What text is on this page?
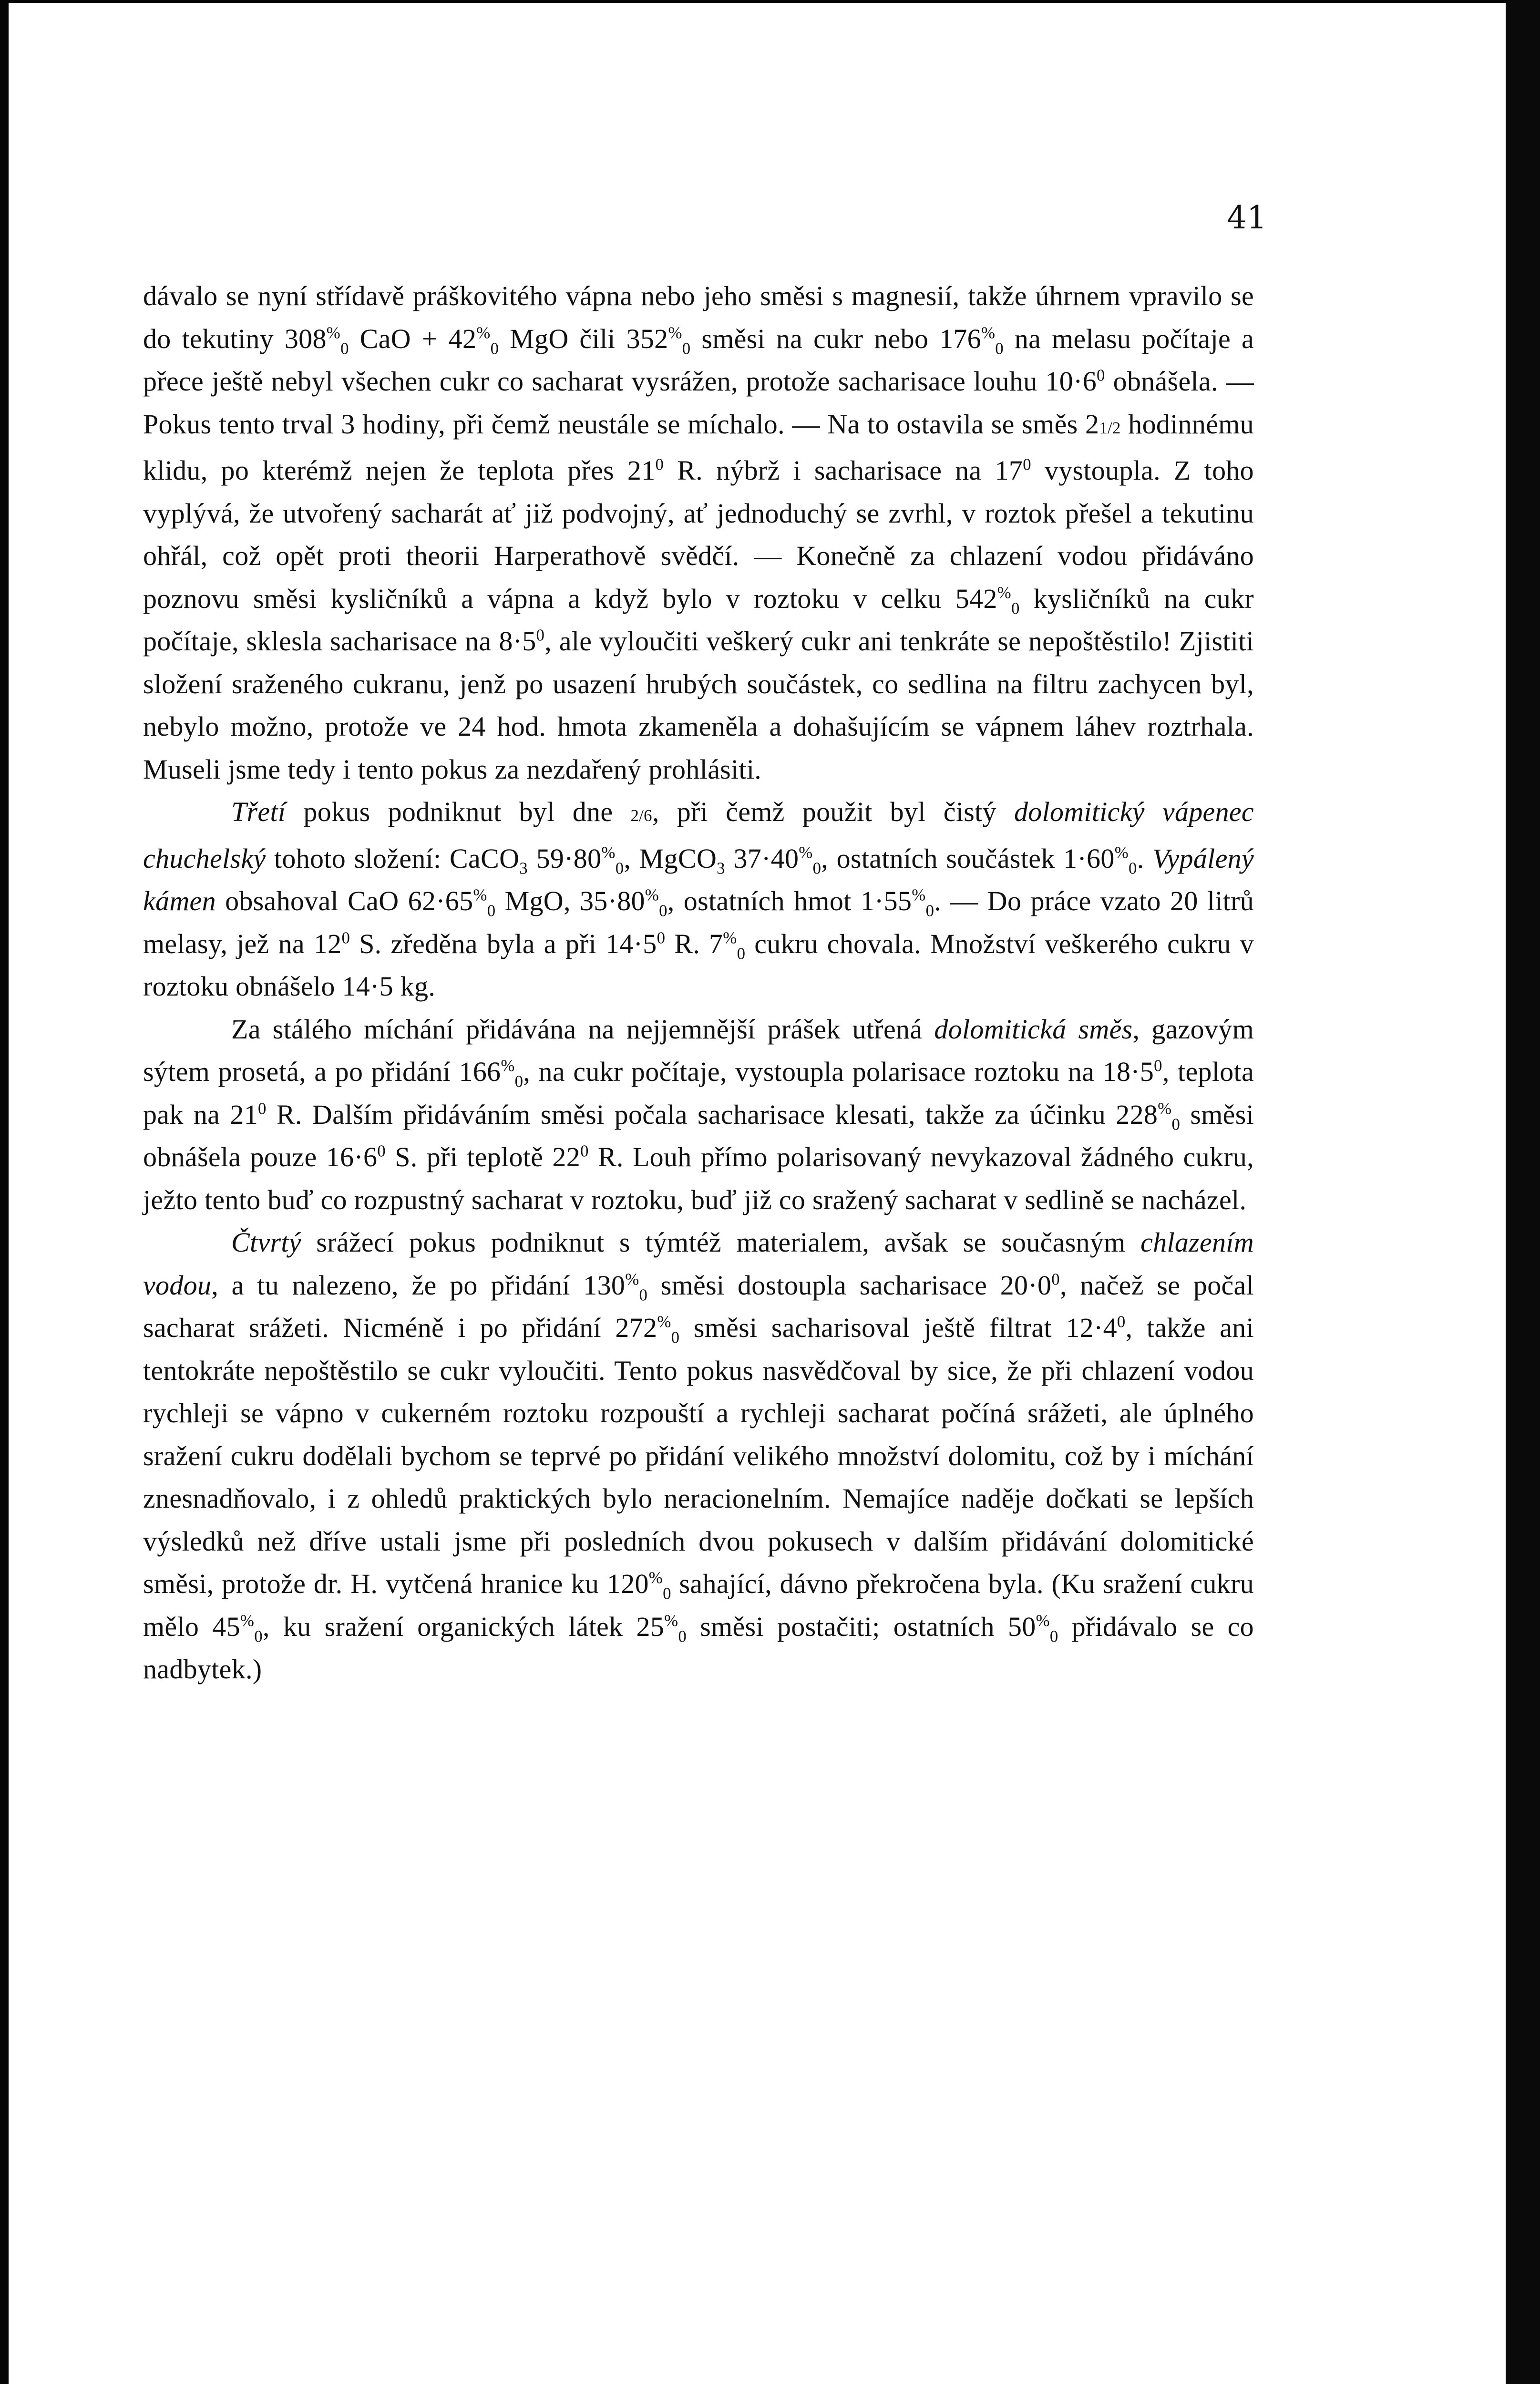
41

dávalo se nyní střídavě práškovitého vápna nebo jeho směsi s magnesií, takže úhrnem vpravilo se do tekutiny $308^{\%}_0$ CaO + $42^{\%}_0$ MgO čili $352^{\%}_0$ směsi na cukr nebo $176^{\%}_0$ na melasu počítaje a přece ještě nebyl všechen cukr co sacharat vysrážen, protože sacharisace louhu $10\cdot 6^0$ obnášela. — Pokus tento trval 3 hodiny, při čemž neustále se míchalo. — Na to ostavila se směs 21/2 hodinnému klidu, po kterémž nejen že teplota přes $21^0$ R. nýbrž i sacharisace na $17^0$ vystoupla. Z toho vyplývá, že utvořený sacharát ať již podvojný, ať jednoduchý se zvrhl, v roztok přešel a tekutinu ohřál, což opět proti theorii Harperathově svědčí. — Konečně za chlazení vodou přidáváno poznovu směsi kysličníků a vápna a když bylo v roztoku v celku $542^{\%}_0$ kysličníků na cukr počítaje, sklesla sacharisace na $8\cdot 5^0$, ale vyloučiti veškerý cukr ani tenkráte se nepoštěstilo! Zjistiti složení sraženého cukranu, jenž po usazení hrubých součástek, co sedlina na filtru zachycen byl, nebylo možno, protože ve 24 hod. hmota zkameněla a dohašujícím se vápnem láhev roztrhala. Museli jsme tedy i tento pokus za nezdařený prohlásiti.

Třetí pokus podniknut byl dne 2/6, při čemž použit byl čistý dolomitický vápenec chuchelský tohoto složení: CaCO$_3$ $59\cdot 80^{\%}_0$, MgCO$_3$ $37\cdot 40^{\%}_0$, ostatních součástek $1\cdot 60^{\%}_0$. Vypálený kámen obsahoval CaO $62\cdot 65^{\%}_0$ MgO, $35\cdot 80^{\%}_0$, ostatních hmot $1\cdot 55^{\%}_0$. — Do práce vzato 20 litrů melasy, jež na $12^0$ S. zředěna byla a při $14\cdot 5^0$ R. $7^{\%}_0$ cukru chovala. Množství veškerého cukru v roztoku obnášelo 14·5 kg.

Za stálého míchání přidávána na nejjemnější prášek utřená dolomitická směs, gazovým sýtem prosetá, a po přidání $166^{\%}_0$, na cukr počítaje, vystoupla polarisace roztoku na $18\cdot 5^0$, teplota pak na $21^0$ R. Dalším přidáváním směsi počala sacharisace klesati, takže za účinku $228^{\%}_0$ směsi obnášela pouze $16\cdot 6^0$ S. při teplotě $22^0$ R. Louh přímo polarisovaný nevykazoval žádného cukru, ježto tento buď co rozpustný sacharat v roztoku, buď již co sražený sacharat v sedlině se nacházel.

Čtvrtý srážecí pokus podniknut s týmtéž materialem, avšak se současným chlazením vodou, a tu nalezeno, že po přidání $130^{\%}_0$ směsi dostoupla sacharisace $20\cdot 0^0$, načež se počal sacharat srážeti. Nicméně i po přidání $272^{\%}_0$ směsi sacharisoval ještě filtrat $12\cdot 4^0$, takže ani tentokráte nepoštěstilo se cukr vyloučiti. Tento pokus nasvědčoval by sice, že při chlazení vodou rychleji se vápno v cukerném roztoku rozpouští a rychleji sacharat počíná srážeti, ale úplného sražení cukru dodělali bychom se teprvé po přidání velikého množství dolomitu, což by i míchání znesnadňovalo, i z ohledů praktických bylo neracionelním. Nemajíce naděje dočkati se lepších výsledků než dříve ustali jsme při posledních dvou pokusech v dalším přidávání dolomitické směsi, protože dr. H. vytčená hranice ku $120^{\%}_0$ sahající, dávno překročena byla. (Ku sražení cukru mělo $45^{\%}_0$, ku sražení organických látek $25^{\%}_0$ směsi postačiti; ostatních $50^{\%}_0$ přidávalo se co nadbytek.)
